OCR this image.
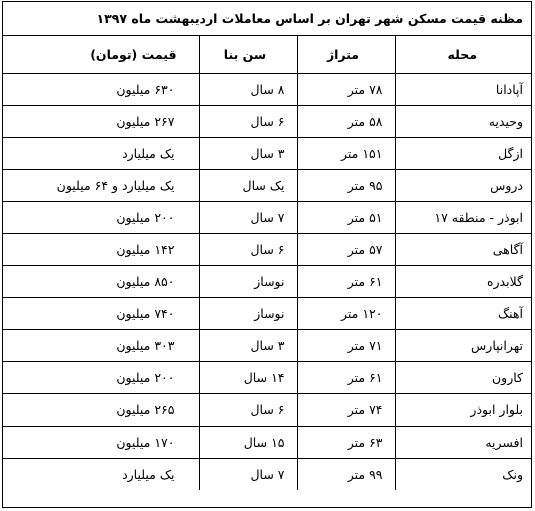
مظنه قیمت مسکن شهر تهران بر اساس معاملات اردیبهشت ماه ۱۳۹۷
محله	متراژ	سن بنا	قیمت (تومان)
آپادانا	۷۸ متر	۸ سال	۶۳۰ میلیون
وحیدیه	۵۸ متر	۶ سال	۲۶۷ میلیون
ازگل	۱۵۱ متر	۳ سال	یک میلیارد
دروس	۹۵ متر	یک سال	یک میلیارد و ۶۴ میلیون
ابوذر - منطقه ۱۷	۵۱ متر	۷ سال	۲۰۰ میلیون
آگاهی	۵۷ متر	۶ سال	۱۴۲ میلیون
گلابدره	۶۱ متر	نوساز	۸۵۰ میلیون
آهنگ	۱۲۰ متر	نوساز	۷۴۰ میلیون
تهرانپارس	۷۱ متر	۳ سال	۳۰۳ میلیون
کارون	۶۱ متر	۱۴ سال	۲۰۰ میلیون
بلوار ابوذر	۷۴ متر	۶ سال	۲۶۵ میلیون
افسریه	۶۳ متر	۱۵ سال	۱۷۰ میلیون
ونک	۹۹ متر	۷ سال	یک میلیارد
